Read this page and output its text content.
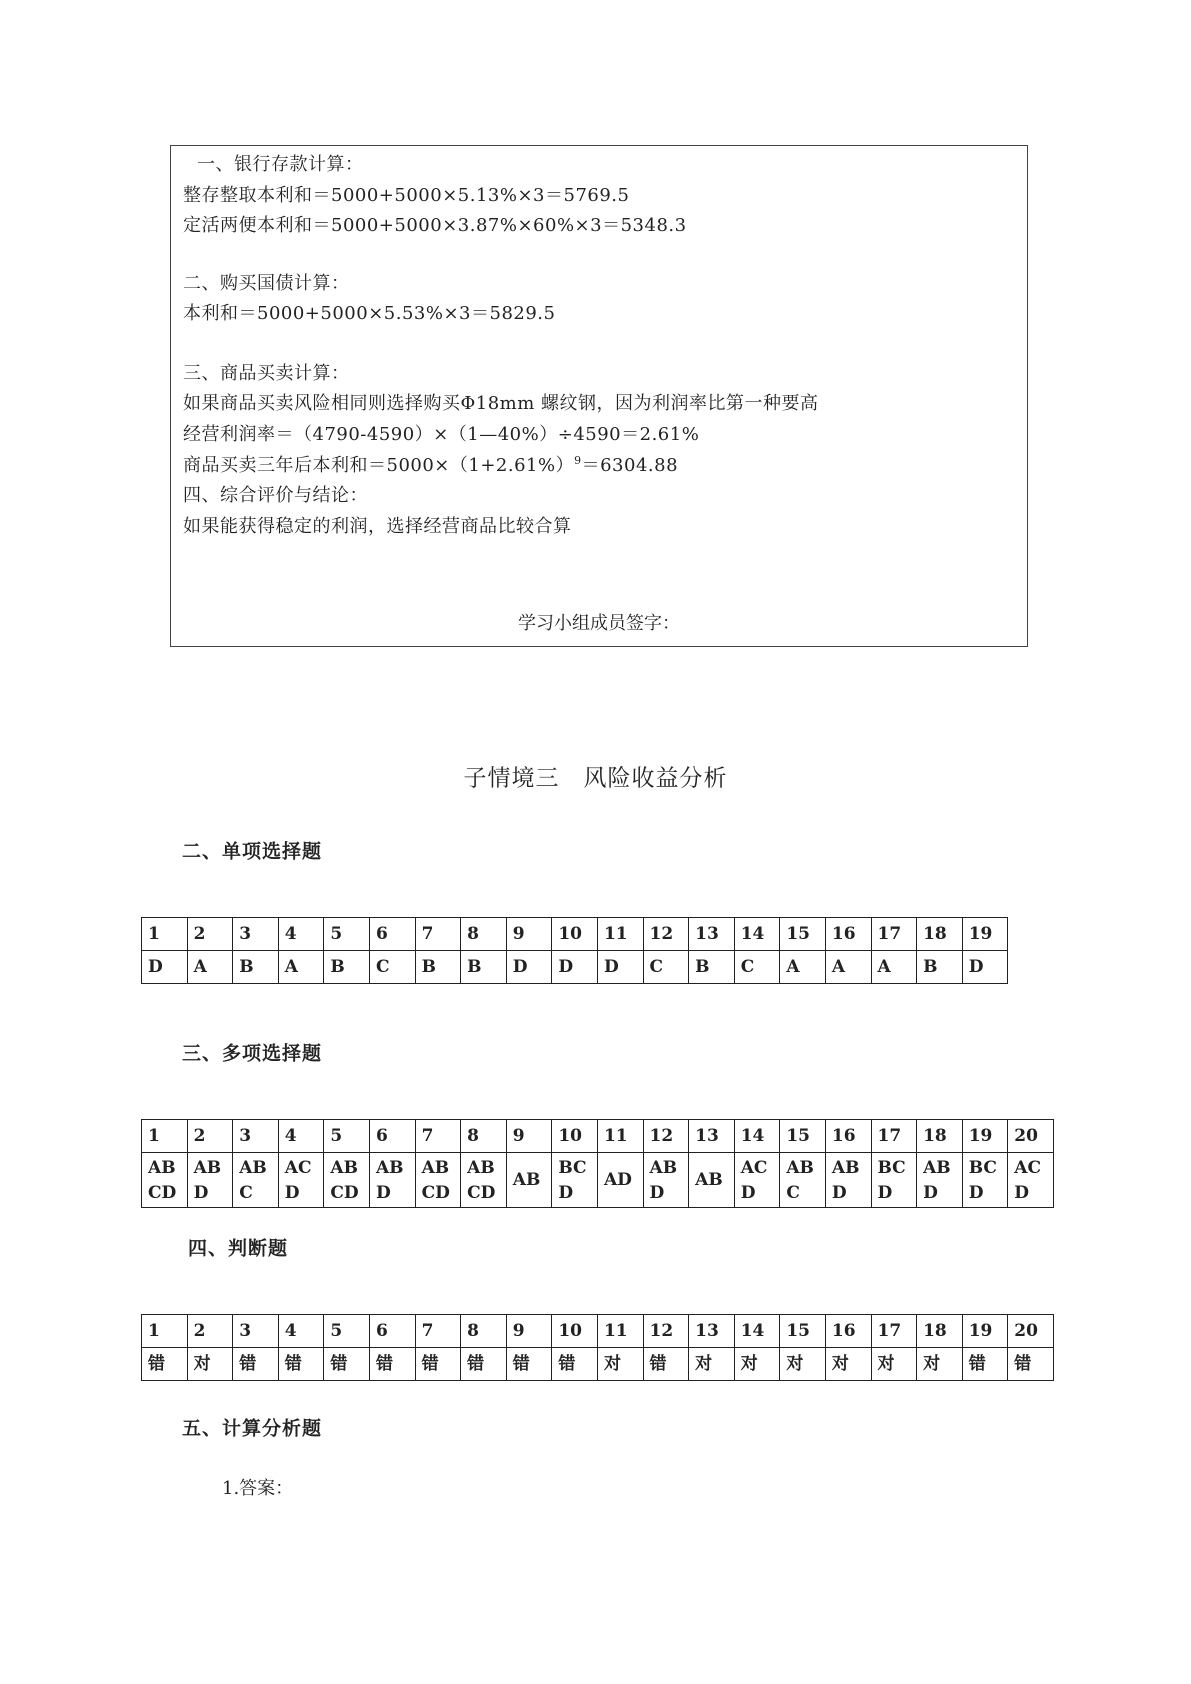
一、银行存款计算：
整存整取本利和＝5000+5000×5.13%×3＝5769.5
定活两便本利和＝5000+5000×3.87%×60%×3＝5348.3
二、购买国债计算：
本利和＝5000+5000×5.53%×3＝5829.5
三、商品买卖计算：
如果商品买卖风险相同则选择购买Φ18mm 螺纹钢，因为利润率比第一种要高
经营利润率＝（4790-4590）×（1—40%）÷4590＝2.61%
商品买卖三年后本利和$=5000\times(1+2.61\%)^9=6304.88$
四、综合评价与结论：
如果能获得稳定的利润，选择经营商品比较合算
学习小组成员签字：
子情境三　风险收益分析
二、单项选择题
1	2	3	4	5	6	7	8	9	10	11	12	13	14	15	16	17	18	19
D	A	B	A	B	C	B	B	D	D	D	C	B	C	A	A	A	B	D
三、多项选择题
1	2	3	4	5	6	7	8	9	10	11	12	13	14	15	16	17	18	19	20

ABCD	ABD	ABC	ACD	ABCD	ABD	ABCD	ABCD	AB	BCD	AD	ABD	AB	ACD	ABC	ABD	BCD	ABD	BCD	ACD
四、判断题
1	2	3	4	5	6	7	8	9	10	11	12	13	14	15	16	17	18	19	20
错	对	错	错	错	错	错	错	错	错	对	错	对	对	对	对	对	对	错	错
五、计算分析题
1.答案：
